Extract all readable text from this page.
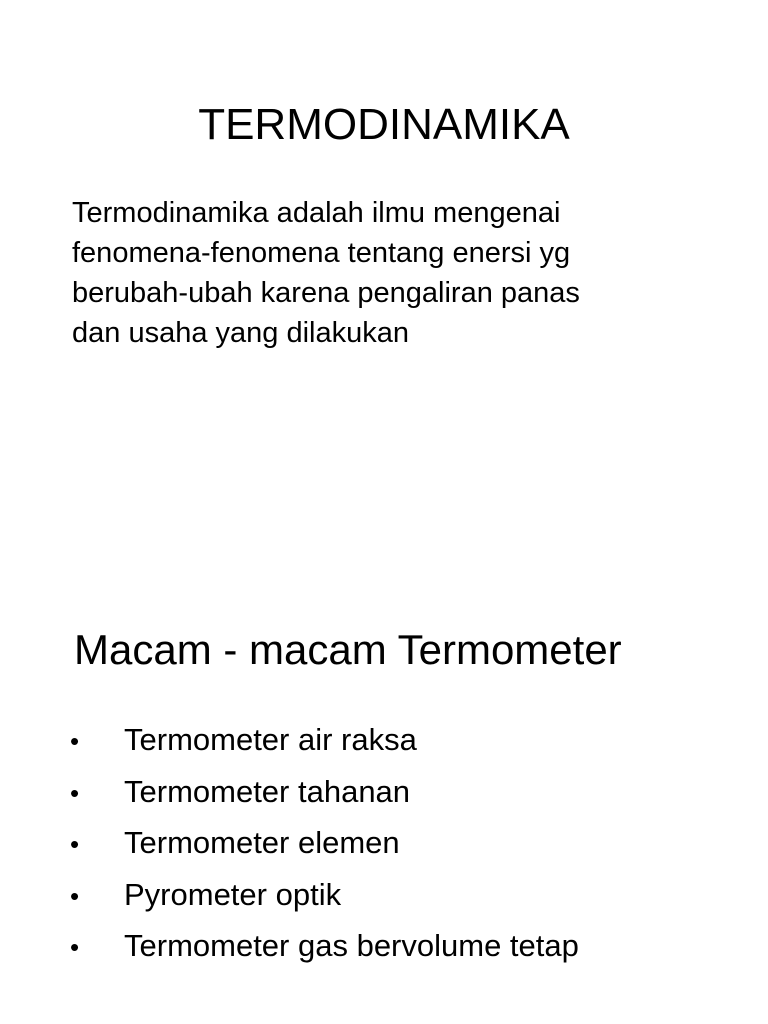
TERMODINAMIKA

Termodinamika adalah ilmu mengenai
fenomena-fenomena tentang enersi yg
berubah-ubah karena pengaliran panas
dan usaha yang dilakukan

Macam - macam Termometer
•	Termometer air raksa
•	Termometer tahanan
•	Termometer elemen
•	Pyrometer optik
•	Termometer gas bervolume tetap
